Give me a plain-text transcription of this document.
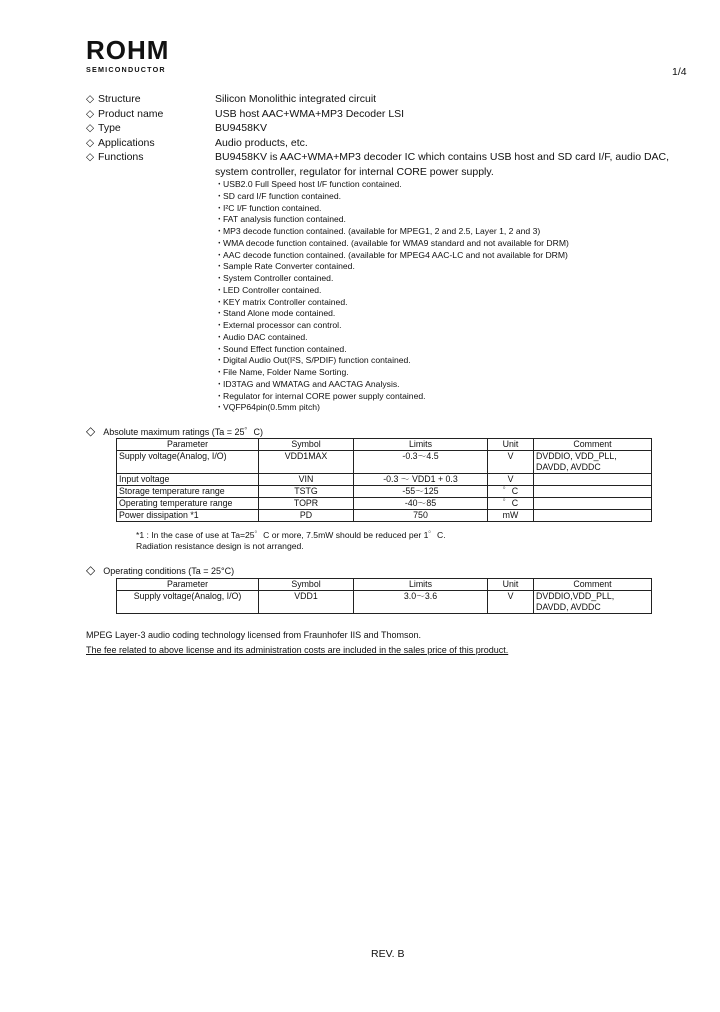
ROHM
SEMICONDUCTOR	1/4
◇ Structure	Silicon Monolithic integrated circuit
◇ Product name	USB host AAC+WMA+MP3 Decoder LSI
◇ Type	BU9458KV
◇ Applications	Audio products, etc.
◇ Functions	BU9458KV is AAC+WMA+MP3 decoder IC which contains USB host and SD card I/F, audio DAC,
system controller, regulator for internal CORE power supply.
・USB2.0 Full Speed host I/F function contained.
・SD card I/F function contained.
・I²C I/F function contained.
・FAT analysis function contained.
・MP3 decode function contained. (available for MPEG1, 2 and 2.5, Layer 1, 2 and 3)
・WMA decode function contained. (available for WMA9 standard and not available for DRM)
・AAC decode function contained. (available for MPEG4 AAC-LC and not available for DRM)
・Sample Rate Converter contained.
・System Controller contained.
・LED Controller contained.
・KEY matrix Controller contained.
・Stand Alone mode contained.
・External processor can control.
・Audio DAC contained.
・Sound Effect function contained.
・Digital Audio Out(I²S, S/PDIF) function contained.
・File Name, Folder Name Sorting.
・ID3TAG and WMATAG and AACTAG Analysis.
・Regulator for internal CORE power supply contained.
・VQFP64pin(0.5mm pitch)
◇ Absolute maximum ratings (Ta = 25゜C)
Parameter	Symbol	Limits	Unit	Comment
Supply voltage(Analog, I/O)	VDD1MAX	-0.3～4.5	V	DVDDIO, VDD_PLL,
				DAVDD, AVDDC
Input voltage	VIN	-0.3 ～ VDD1 + 0.3	V	
Storage temperature range	TSTG	-55～125	゜C	
Operating temperature range	TOPR	-40～85	゜C	
Power dissipation *1	PD	750	mW	
*1 : In the case of use at Ta=25゜C or more, 7.5mW should be reduced per 1゜C.
Radiation resistance design is not arranged.
◇ Operating conditions (Ta = 25°C)
Parameter	Symbol	Limits	Unit	Comment
Supply voltage(Analog, I/O)	VDD1	3.0～3.6	V	DVDDIO,VDD_PLL,
				DAVDD, AVDDC
MPEG Layer-3 audio coding technology licensed from Fraunhofer IIS and Thomson.
The fee related to above license and its administration costs are included in the sales price of this product.
REV. B
